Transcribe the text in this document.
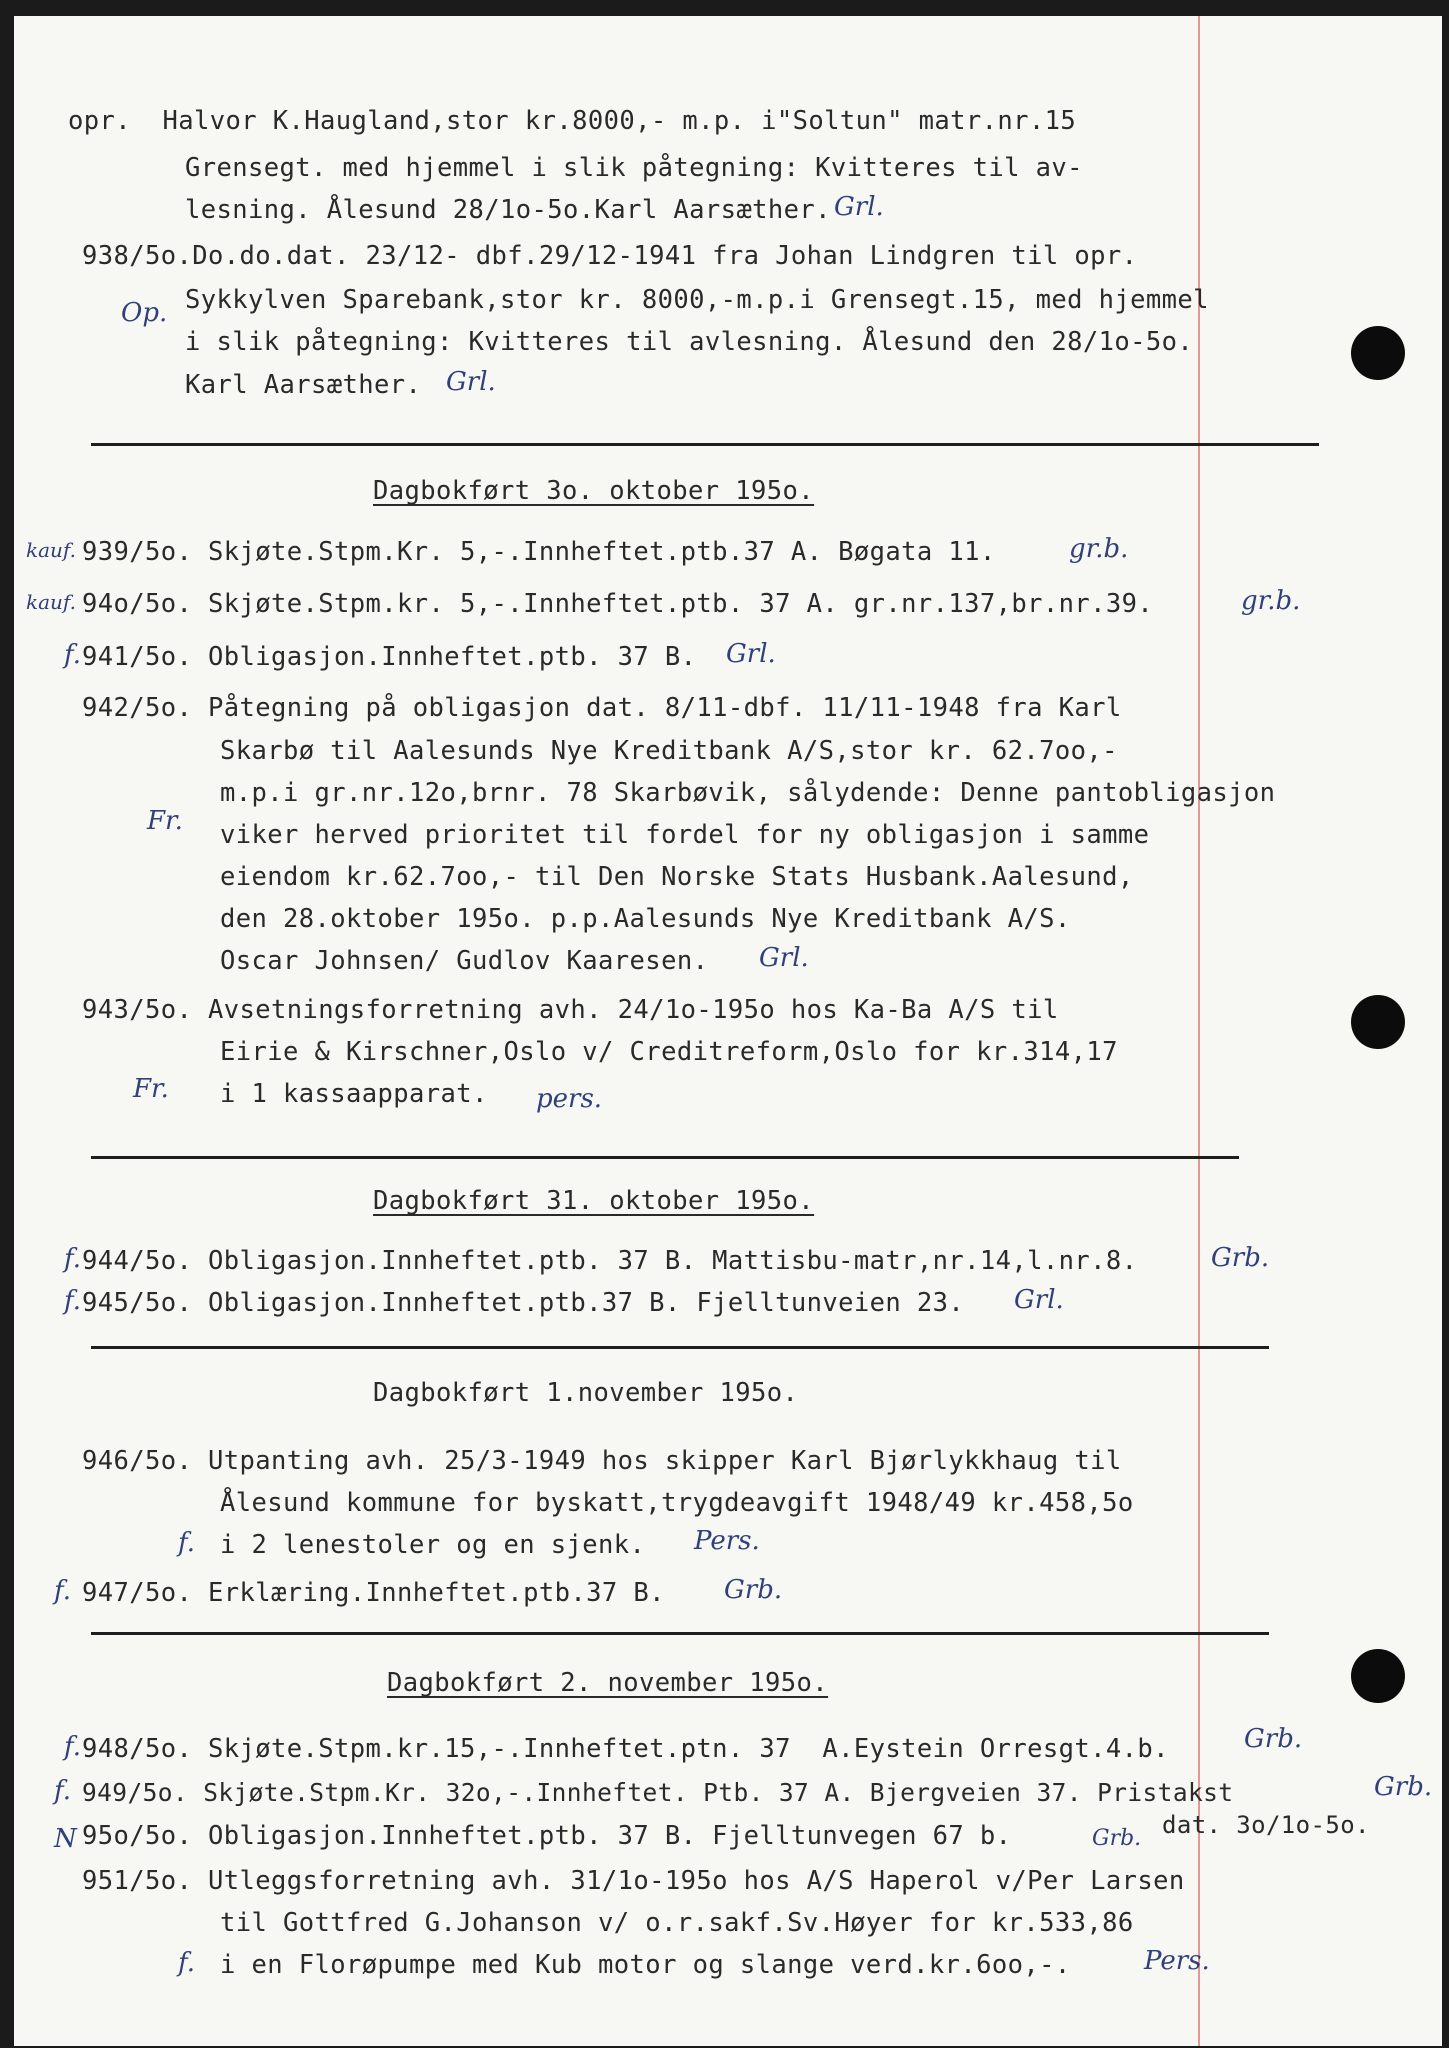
opr.  Halvor K.Haugland,stor kr.8000,- m.p. i"Soltun" matr.nr.15
Grensegt. med hjemmel i slik påtegning: Kvitteres til av-
lesning. Ålesund 28/1o-5o.Karl Aarsæther. Grl.
938/5o.Do.do.dat. 23/12- dbf.29/12-1941 fra Johan Lindgren til opr.
Op. Sykkylven Sparebank,stor kr. 8000,-m.p.i Grensegt.15, med hjemmel
i slik påtegning: Kvitteres til avlesning. Ålesund den 28/1o-5o.
Karl Aarsæther. Grl.
Dagbokført 3o. oktober 195o.
kauf. 939/5o. Skjøte.Stpm.Kr. 5,-.Innheftet.ptb.37 A. Bøgata 11.	gr.b.
kauf. 94o/5o. Skjøte.Stpm.kr. 5,-.Innheftet.ptb. 37 A. gr.nr.137,br.nr.39.	gr.b.
f. 941/5o. Obligasjon.Innheftet.ptb. 37 B. Grl.
942/5o. Påtegning på obligasjon dat. 8/11-dbf. 11/11-1948 fra Karl
Skarbø til Aalesunds Nye Kreditbank A/S,stor kr. 62.7oo,-
Fr.
m.p.i gr.nr.12o,brnr. 78 Skarbøvik, sålydende: Denne pantobligasjon
viker herved prioritet til fordel for ny obligasjon i samme
eiendom kr.62.7oo,- til Den Norske Stats Husbank.Aalesund,
den 28.oktober 195o. p.p.Aalesunds Nye Kreditbank A/S.
Oscar Johnsen/ Gudlov Kaaresen. Grl.
943/5o. Avsetningsforretning avh. 24/1o-195o hos Ka-Ba A/S til
Eirie & Kirschner,Oslo v/ Creditreform,Oslo for kr.314,17
Fr. i 1 kassaapparat. pers.
Dagbokført 31. oktober 195o.
f. 944/5o. Obligasjon.Innheftet.ptb. 37 B. Mattisbu-matr,nr.14,l.nr.8.	Grb.
f. 945/5o. Obligasjon.Innheftet.ptb.37 B. Fjelltunveien 23. Grl.
Dagbokført 1.november 195o.
946/5o. Utpanting avh. 25/3-1949 hos skipper Karl Bjørlykkhaug til
Ålesund kommune for byskatt,trygdeavgift 1948/49 kr.458,5o
f. i 2 lenestoler og en sjenk. Pers.
f. 947/5o. Erklæring.Innheftet.ptb.37 B. Grb.
Dagbokført 2. november 195o.
f. 948/5o. Skjøte.Stpm.kr.15,-.Innheftet.ptn. 37  A.Eystein Orresgt.4.b.	Grb.
f. 949/5o. Skjøte.Stpm.Kr. 32o,-.Innheftet. Ptb. 37 A. Bjergveien 37. Pristakst	Grb.
N 95o/5o. Obligasjon.Innheftet.ptb. 37 B. Fjelltunvegen 67 b.	Grb. dat. 3o/1o-5o.
951/5o. Utleggsforretning avh. 31/1o-195o hos A/S Haperol v/Per Larsen
til Gottfred G.Johanson v/ o.r.sakf.Sv.Høyer for kr.533,86
f. i en Florøpumpe med Kub motor og slange verd.kr.6oo,-.	Pers.
